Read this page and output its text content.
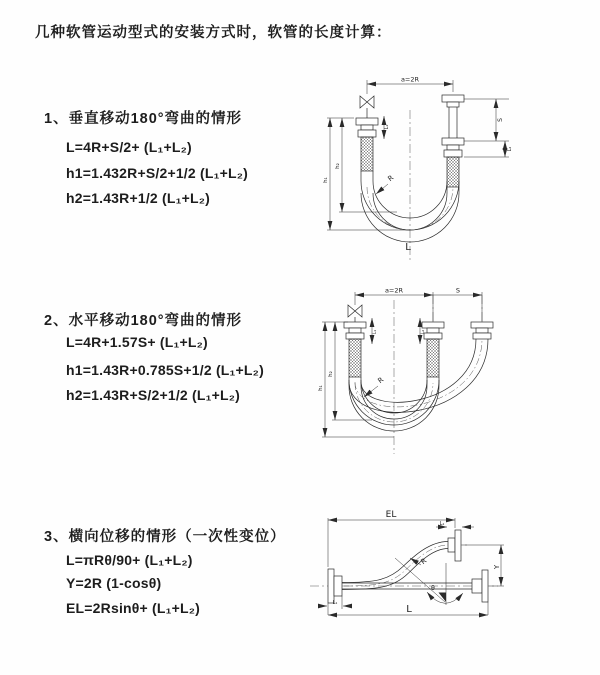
几种软管运动型式的安装方式时，软管的长度计算：
1、垂直移动180°弯曲的情形
L=4R+S/2+ (L₁+L₂)
h1=1.432R+S/2+1/2 (L₁+L₂)
h2=1.43R+1/2 (L₁+L₂)
2、水平移动180°弯曲的情形
L=4R+1.57S+ (L₁+L₂)
h1=1.43R+0.785S+1/2 (L₁+L₂)
h2=1.43R+S/2+1/2 (L₁+L₂)
3、横向位移的情形（一次性变位）
L=πRθ/90+ (L₁+L₂)
Y=2R (1-cosθ)
EL=2Rsinθ+ (L₁+L₂)
a=2R
L₁
h₂
h₁
S
L₂
R
L
a=2R	S
L₁	L₂
h₂
h₁
R
EL
L₁
R
θ
Y
L
L₁
